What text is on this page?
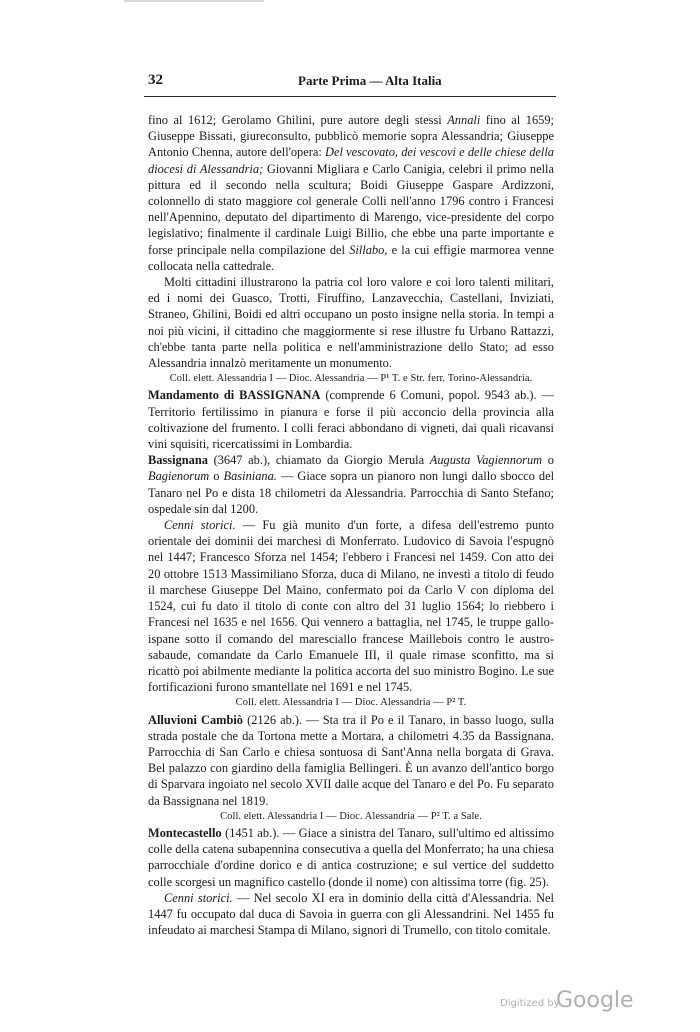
32	Parte Prima — Alta Italia

fino al 1612; Gerolamo Ghilini, pure autore degli stessi Annali fino al 1659; Giuseppe Bissati, giureconsulto, pubblicò memorie sopra Alessandria; Giuseppe Antonio Chenna, autore dell'opera: Del vescovato, dei vescovi e delle chiese della diocesi di Alessandria; Giovanni Migliara e Carlo Canigia, celebri il primo nella pittura ed il secondo nella scultura; Boidi Giuseppe Gaspare Ardizzoni, colonnello di stato maggiore col generale Colli nell'anno 1796 contro i Francesi nell'Apennino, deputato del dipartimento di Marengo, vice-presidente del corpo legislativo; finalmente il cardinale Luigi Billio, che ebbe una parte importante e forse principale nella compilazione del Sillabo, e la cui effigie marmorea venne collocata nella cattedrale.

Molti cittadini illustrarono la patria col loro valore e coi loro talenti militari, ed i nomi dei Guasco, Trotti, Firuffino, Lanzavecchia, Castellani, Inviziati, Straneo, Ghilini, Boidi ed altri occupano un posto insigne nella storia. In tempi a noi più vicini, il cittadino che maggiormente si rese illustre fu Urbano Rattazzi, ch'ebbe tanta parte nella politica e nell'amministrazione dello Stato; ad esso Alessandria innalzò meritamente un monumento.

Coll. elett. Alessandria I — Dioc. Alessandria — P¹ T. e Str. ferr. Torino-Alessandria.

Mandamento di BASSIGNANA (comprende 6 Comuni, popol. 9543 ab.). — Territorio fertilissimo in pianura e forse il più acconcio della provincia alla coltivazione del frumento. I colli feraci abbondano di vigneti, dai quali ricavansi vini squisiti, ricercatissimi in Lombardia.

Bassignana (3647 ab.), chiamato da Giorgio Merula Augusta Vagiennorum o Bagienorum o Basiniana. — Giace sopra un pianoro non lungi dallo sbocco del Tanaro nel Po e dista 18 chilometri da Alessandria. Parrocchia di Santo Stefano; ospedale sin dal 1200.

Cenni storici. — Fu già munito d'un forte, a difesa dell'estremo punto orientale dei dominii dei marchesi di Monferrato. Ludovico di Savoia l'espugnò nel 1447; Francesco Sforza nel 1454; l'ebbero i Francesi nel 1459. Con atto dei 20 ottobre 1513 Massimiliano Sforza, duca di Milano, ne investì a titolo di feudo il marchese Giuseppe Del Maino, confermato poi da Carlo V con diploma del 1524, cui fu dato il titolo di conte con altro del 31 luglio 1564; lo riebbero i Francesi nel 1635 e nel 1656. Qui vennero a battaglia, nel 1745, le truppe gallo-ispane sotto il comando del maresciallo francese Maillebois contro le austro-sabaude, comandate da Carlo Emanuele III, il quale rimase sconfitto, ma si ricattò poi abilmente mediante la politica accorta del suo ministro Bogino. Le sue fortificazioni furono smantellate nel 1691 e nel 1745.

Coll. elett. Alessandria I — Dioc. Alessandria — P² T.

Alluvioni Cambiò (2126 ab.). — Sta tra il Po e il Tanaro, in basso luogo, sulla strada postale che da Tortona mette a Mortara, a chilometri 4.35 da Bassignana. Parrocchia di San Carlo e chiesa sontuosa di Sant'Anna nella borgata di Grava. Bel palazzo con giardino della famiglia Bellingeri. È un avanzo dell'antico borgo di Sparvara ingoiato nel secolo XVII dalle acque del Tanaro e del Po. Fu separato da Bassignana nel 1819.

Coll. elett. Alessandria I — Dioc. Alessandria — P² T. a Sale.

Montecastello (1451 ab.). — Giace a sinistra del Tanaro, sull'ultimo ed altissimo colle della catena subapennina consecutiva a quella del Monferrato; ha una chiesa parrocchiale d'ordine dorico e di antica costruzione; e sul vertice del suddetto colle scorgesi un magnifico castello (donde il nome) con altissima torre (fig. 25).

Cenni storici. — Nel secolo XI era in dominio della città d'Alessandria. Nel 1447 fu occupato dal duca di Savoia in guerra con gli Alessandrini. Nel 1455 fu infeudato ai marchesi Stampa di Milano, signori di Trumello, con titolo comitale.

Digitized by
Google
